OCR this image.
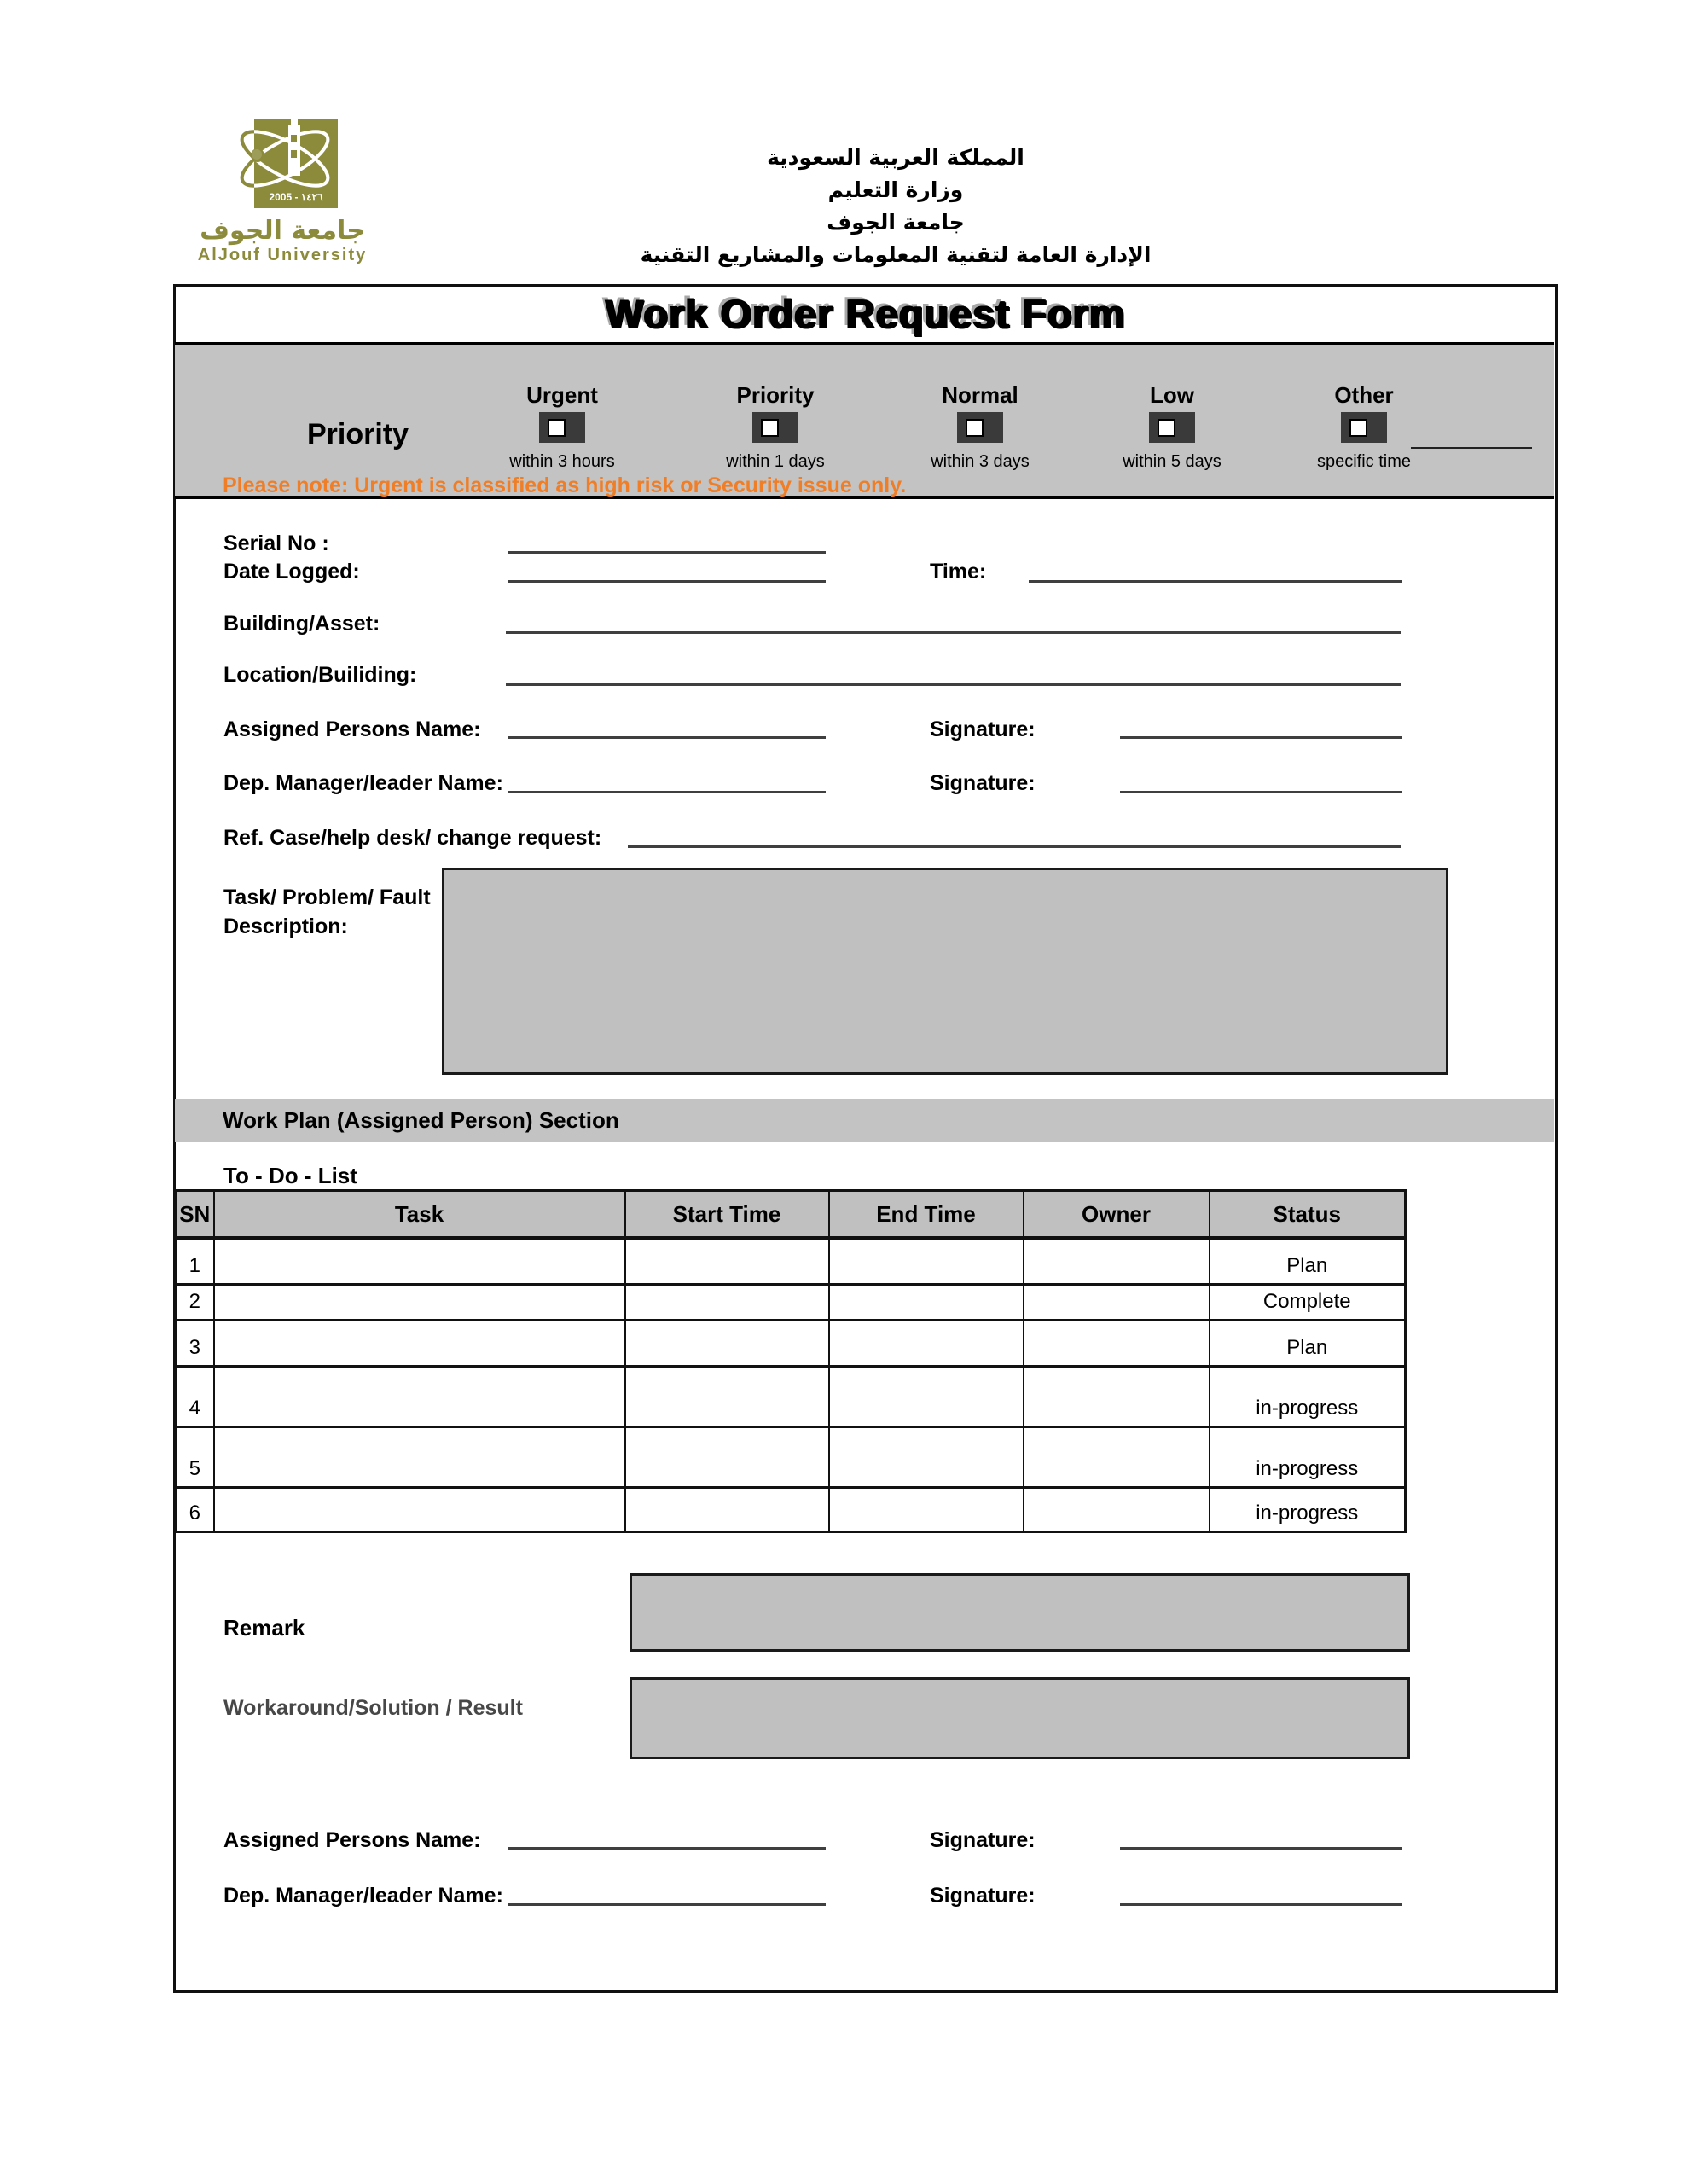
2005 - ١٤٢٦
جامعة الجوف
AlJouf University
المملكة العربية السعودية
وزارة التعليم
جامعة الجوف
الإدارة العامة لتقنية المعلومات والمشاريع التقنية
Work Order Request Form
Priority
Urgent
within 3 hours
Priority
within 1 days
Normal
within 3 days
Low
within 5 days
Other
specific time
Please note: Urgent is classified as high risk or Security issue only.
Serial No :
Date Logged:	Time:
Building/Asset:
Location/Builiding:
Assigned Persons Name:	Signature:
Dep. Manager/leader Name:	Signature:
Ref. Case/help desk/ change request:
Task/ Problem/ Fault
Description:
Work Plan (Assigned Person) Section
To - Do - List
SN	Task	Start Time	End Time	Owner	Status
1					Plan
2					Complete
3					Plan
4					in-progress
5					in-progress
6					in-progress
Remark
Workaround/Solution / Result
Assigned Persons Name:	Signature:
Dep. Manager/leader Name:	Signature:
